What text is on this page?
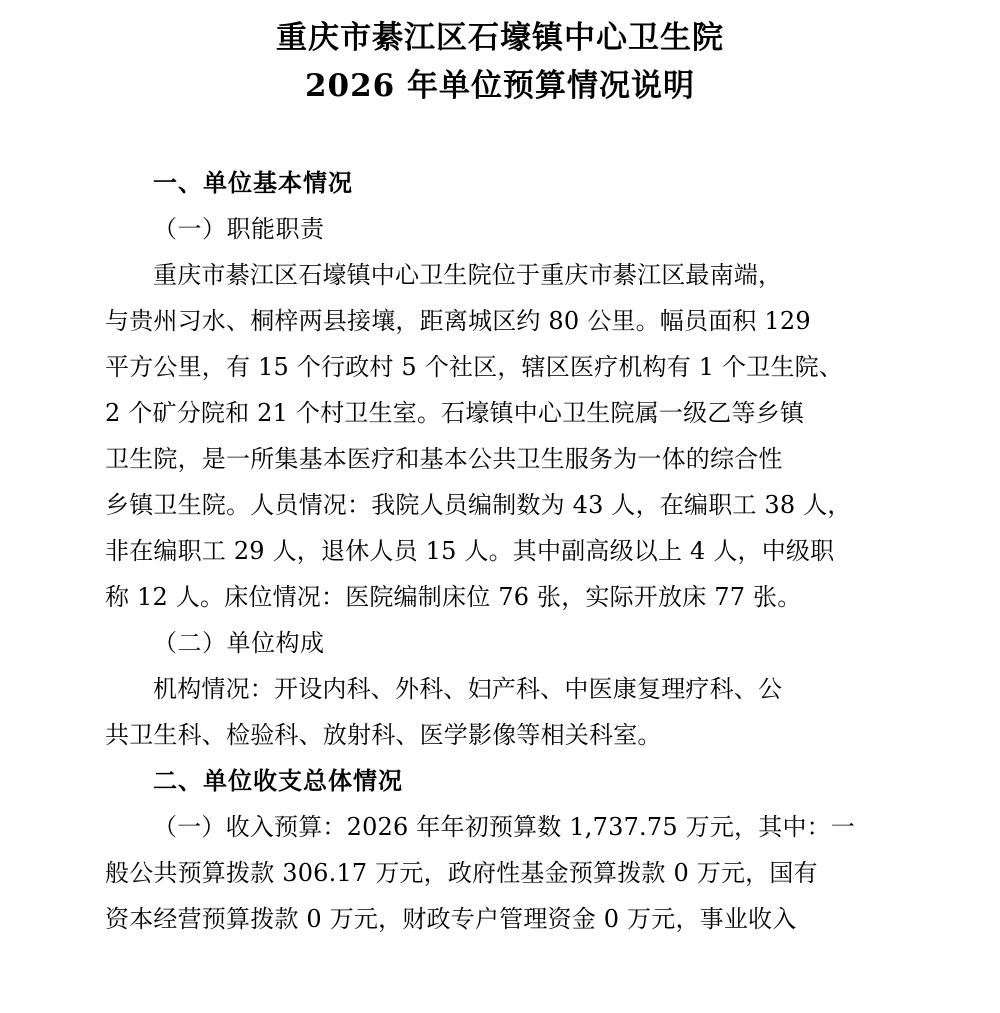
重庆市綦江区石壕镇中心卫生院
2026 年单位预算情况说明
一、单位基本情况
（一）职能职责
重庆市綦江区石壕镇中心卫生院位于重庆市綦江区最南端，
与贵州习水、桐梓两县接壤，距离城区约 80 公里。幅员面积 129
平方公里，有 15 个行政村 5 个社区，辖区医疗机构有 1 个卫生院、
2 个矿分院和 21 个村卫生室。石壕镇中心卫生院属一级乙等乡镇
卫生院，是一所集基本医疗和基本公共卫生服务为一体的综合性
乡镇卫生院。人员情况：我院人员编制数为 43 人，在编职工 38 人，
非在编职工 29 人，退休人员 15 人。其中副高级以上 4 人，中级职
称 12 人。床位情况：医院编制床位 76 张，实际开放床 77 张。
（二）单位构成
机构情况：开设内科、外科、妇产科、中医康复理疗科、公
共卫生科、检验科、放射科、医学影像等相关科室。
二、单位收支总体情况
（一）收入预算：2026 年年初预算数 1,737.75 万元，其中：一
般公共预算拨款 306.17 万元，政府性基金预算拨款 0 万元，国有
资本经营预算拨款 0 万元，财政专户管理资金 0 万元，事业收入
